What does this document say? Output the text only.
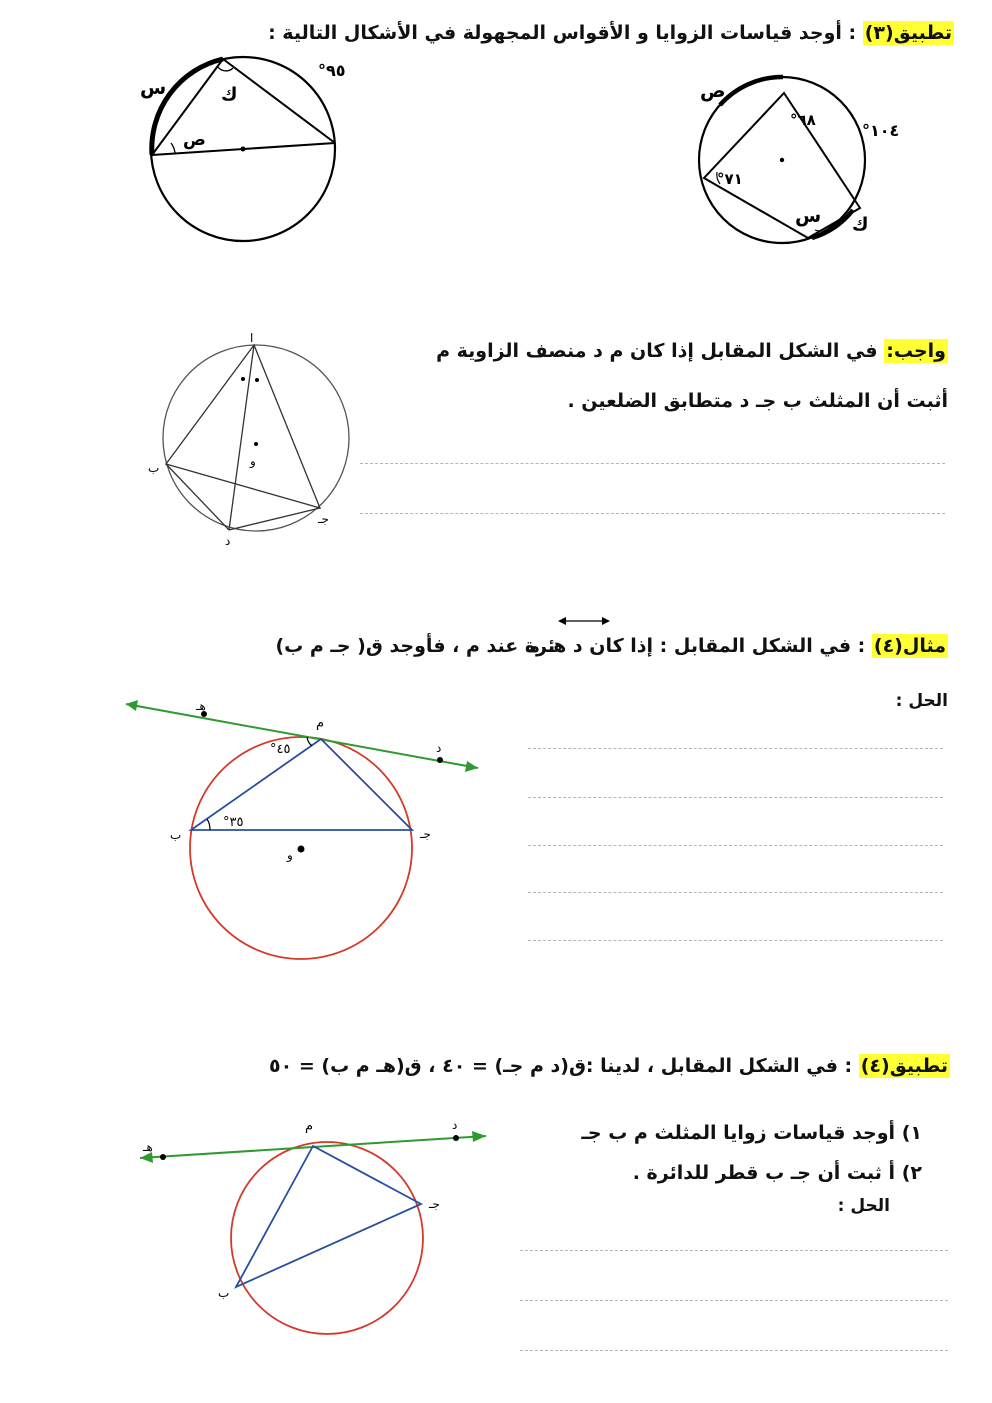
تطبيق(٣) : أوجد قياسات الزوايا و الأقواس المجهولة في الأشكال التالية :
°٩٥
س	ك
ص
ص
°٦٨
°١٠٤
°٧١
س ك
ا
ب
جـ
د
و
هـ
د
ﻡ
°٤٥
°٣٥
ب	جـ
و
هـ
د
ﻡ
جـ
ب
واجب: في الشكل المقابل إذا كان ﻡ د منصف الزاوية ﻡ
أثبت أن المثلث ب جـ د متطابق الضلعين .
مثال(٤) : في الشكل المقابل : إذا كان د هـ ﻣ
ئرة عند ﻡ ، فأوجد ﻕ( جـ ﻡ ب)
الحل :
تطبيق(٤) : في الشكل المقابل ، لدينا :ﻕ(د ﻡ جـ) = ٤٠ ، ﻕ(هـ ﻡ ب) = ٥٠
١) أوجد قياسات زوايا المثلث ﻡ ب جـ
٢) أ ثبت أن جـ ب قطر للدائرة .
الحل :
